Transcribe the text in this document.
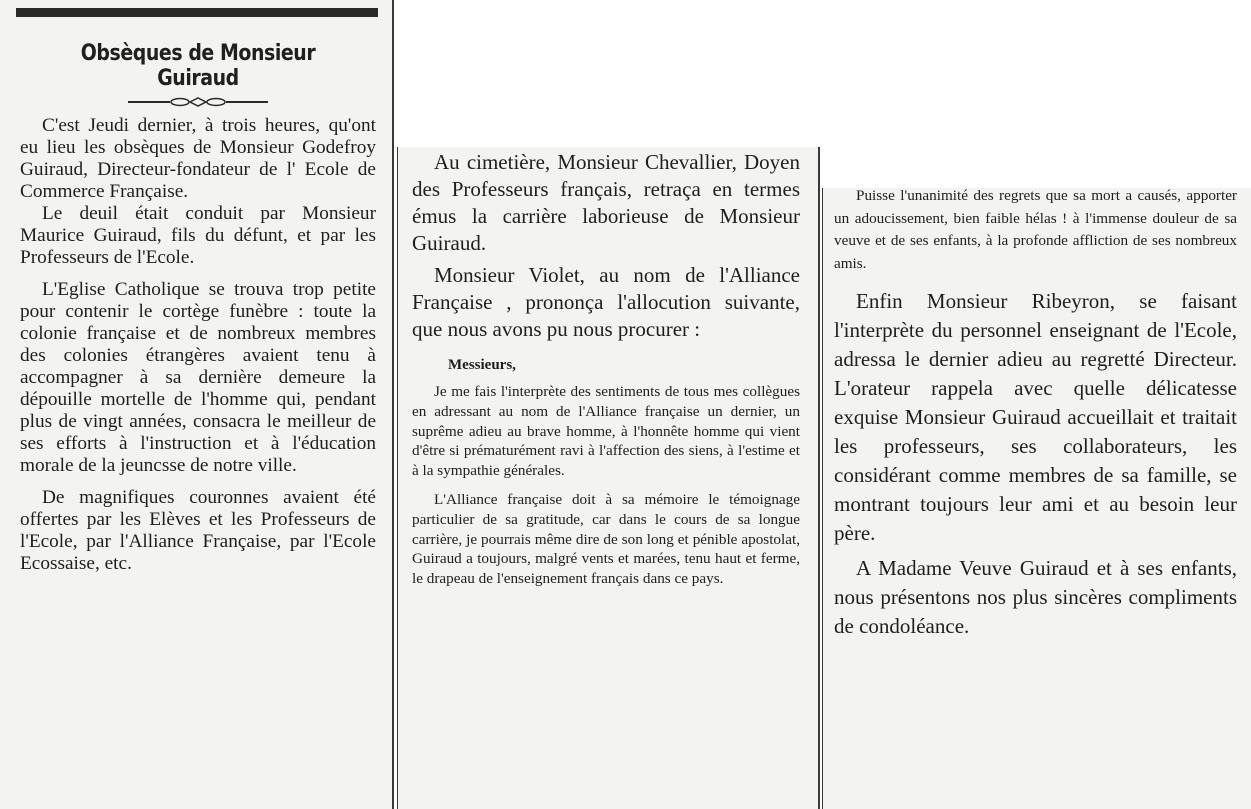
Obsèques de Monsieur Guiraud

C'est Jeudi dernier, à trois heures, qu'ont eu lieu les obsèques de Monsieur Godefroy Guiraud, Directeur-fondateur de l' Ecole de Commerce Française.

Le deuil était conduit par Monsieur Maurice Guiraud, fils du défunt, et par les Professeurs de l'Ecole.

L'Eglise Catholique se trouva trop petite pour contenir le cortège funèbre : toute la colonie française et de nombreux membres des colonies étrangères avaient tenu à accompagner à sa dernière demeure la dépouille mortelle de l'homme qui, pendant plus de vingt années, consacra le meilleur de ses efforts à l'instruction et à l'éducation morale de la jeuncsse de notre ville.

De magnifiques couronnes avaient été offertes par les Elèves et les Professeurs de l'Ecole, par l'Alliance Française, par l'Ecole Ecossaise, etc.

Au cimetière, Monsieur Chevallier, Doyen des Professeurs français, retraça en termes émus la carrière laborieuse de Monsieur Guiraud.

Monsieur Violet, au nom de l'Alliance Française , prononça l'allocution suivante, que nous avons pu nous procurer :

Messieurs,

Je me fais l'interprète des sentiments de tous mes collègues en adressant au nom de l'Alliance française un dernier, un suprême adieu au brave homme, à l'honnête homme qui vient d'être si prématurément ravi à l'affection des siens, à l'estime et à la sympathie générales.

L'Alliance française doit à sa mémoire le témoignage particulier de sa gratitude, car dans le cours de sa longue carrière, je pourrais même dire de son long et pénible apostolat, Guiraud a toujours, malgré vents et marées, tenu haut et ferme, le drapeau de l'enseignement français dans ce pays.

Puisse l'unanimité des regrets que sa mort a causés, apporter un adoucissement, bien faible hélas ! à l'immense douleur de sa veuve et de ses enfants, à la profonde affliction de ses nombreux amis.

Enfin Monsieur Ribeyron, se faisant l'interprète du personnel enseignant de l'Ecole, adressa le dernier adieu au regretté Directeur. L'orateur rappela avec quelle délicatesse exquise Monsieur Guiraud accueillait et traitait les professeurs, ses collaborateurs, les considérant comme membres de sa famille, se montrant toujours leur ami et au besoin leur père.

A Madame Veuve Guiraud et à ses enfants, nous présentons nos plus sincères compliments de condoléance.
